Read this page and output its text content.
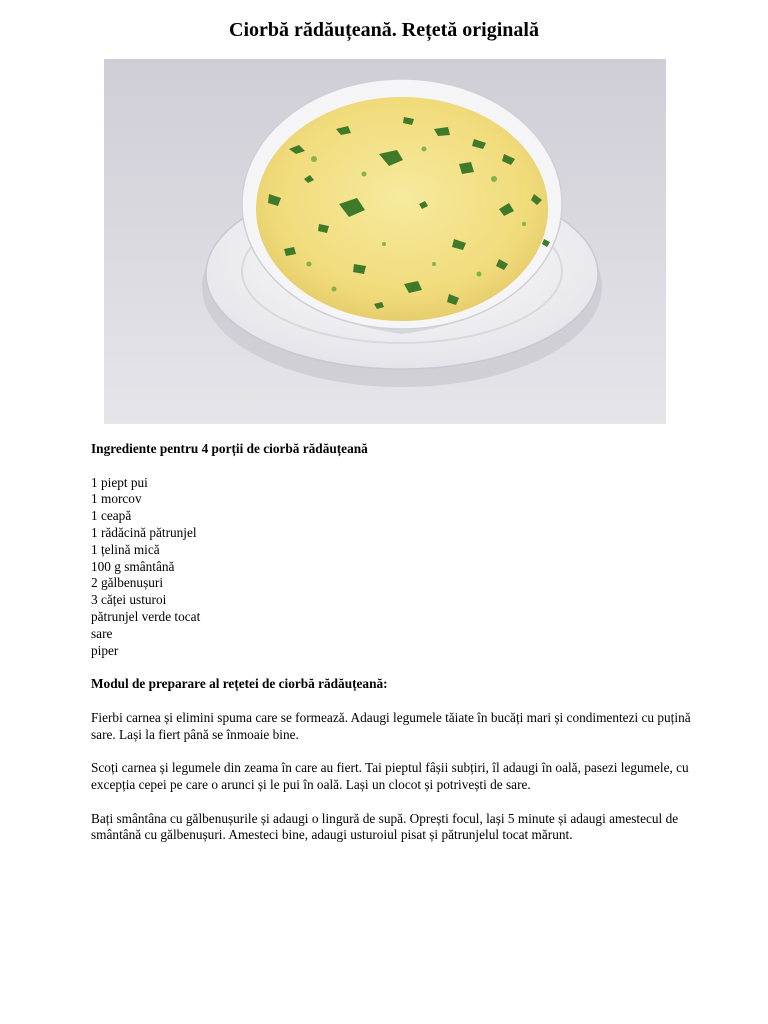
Ciorbă rădăuțeană. Rețetă originală

Ingrediente pentru 4 porții de ciorbă rădăuțeană

1 piept pui
1 morcov
1 ceapă
1 rădăcină pătrunjel
1 țelină mică
100 g smântână
2 gălbenușuri
3 căței usturoi
pătrunjel verde tocat
sare
piper

Modul de preparare al rețetei de ciorbă rădăuțeană:

Fierbi carnea și elimini spuma care se formează. Adaugi legumele tăiate în bucăți mari și condimentezi cu puțină sare. Lași la fiert până se înmoaie bine.

Scoți carnea și legumele din zeama în care au fiert. Tai pieptul fâșii subțiri, îl adaugi în oală, pasezi legumele, cu excepția cepei pe care o arunci și le pui în oală. Lași un clocot și potrivești de sare.

Bați smântâna cu gălbenușurile și adaugi o lingură de supă. Oprești focul, lași 5 minute și adaugi amestecul de smântână cu gălbenușuri. Amesteci bine, adaugi usturoiul pisat și pătrunjelul tocat mărunt.
